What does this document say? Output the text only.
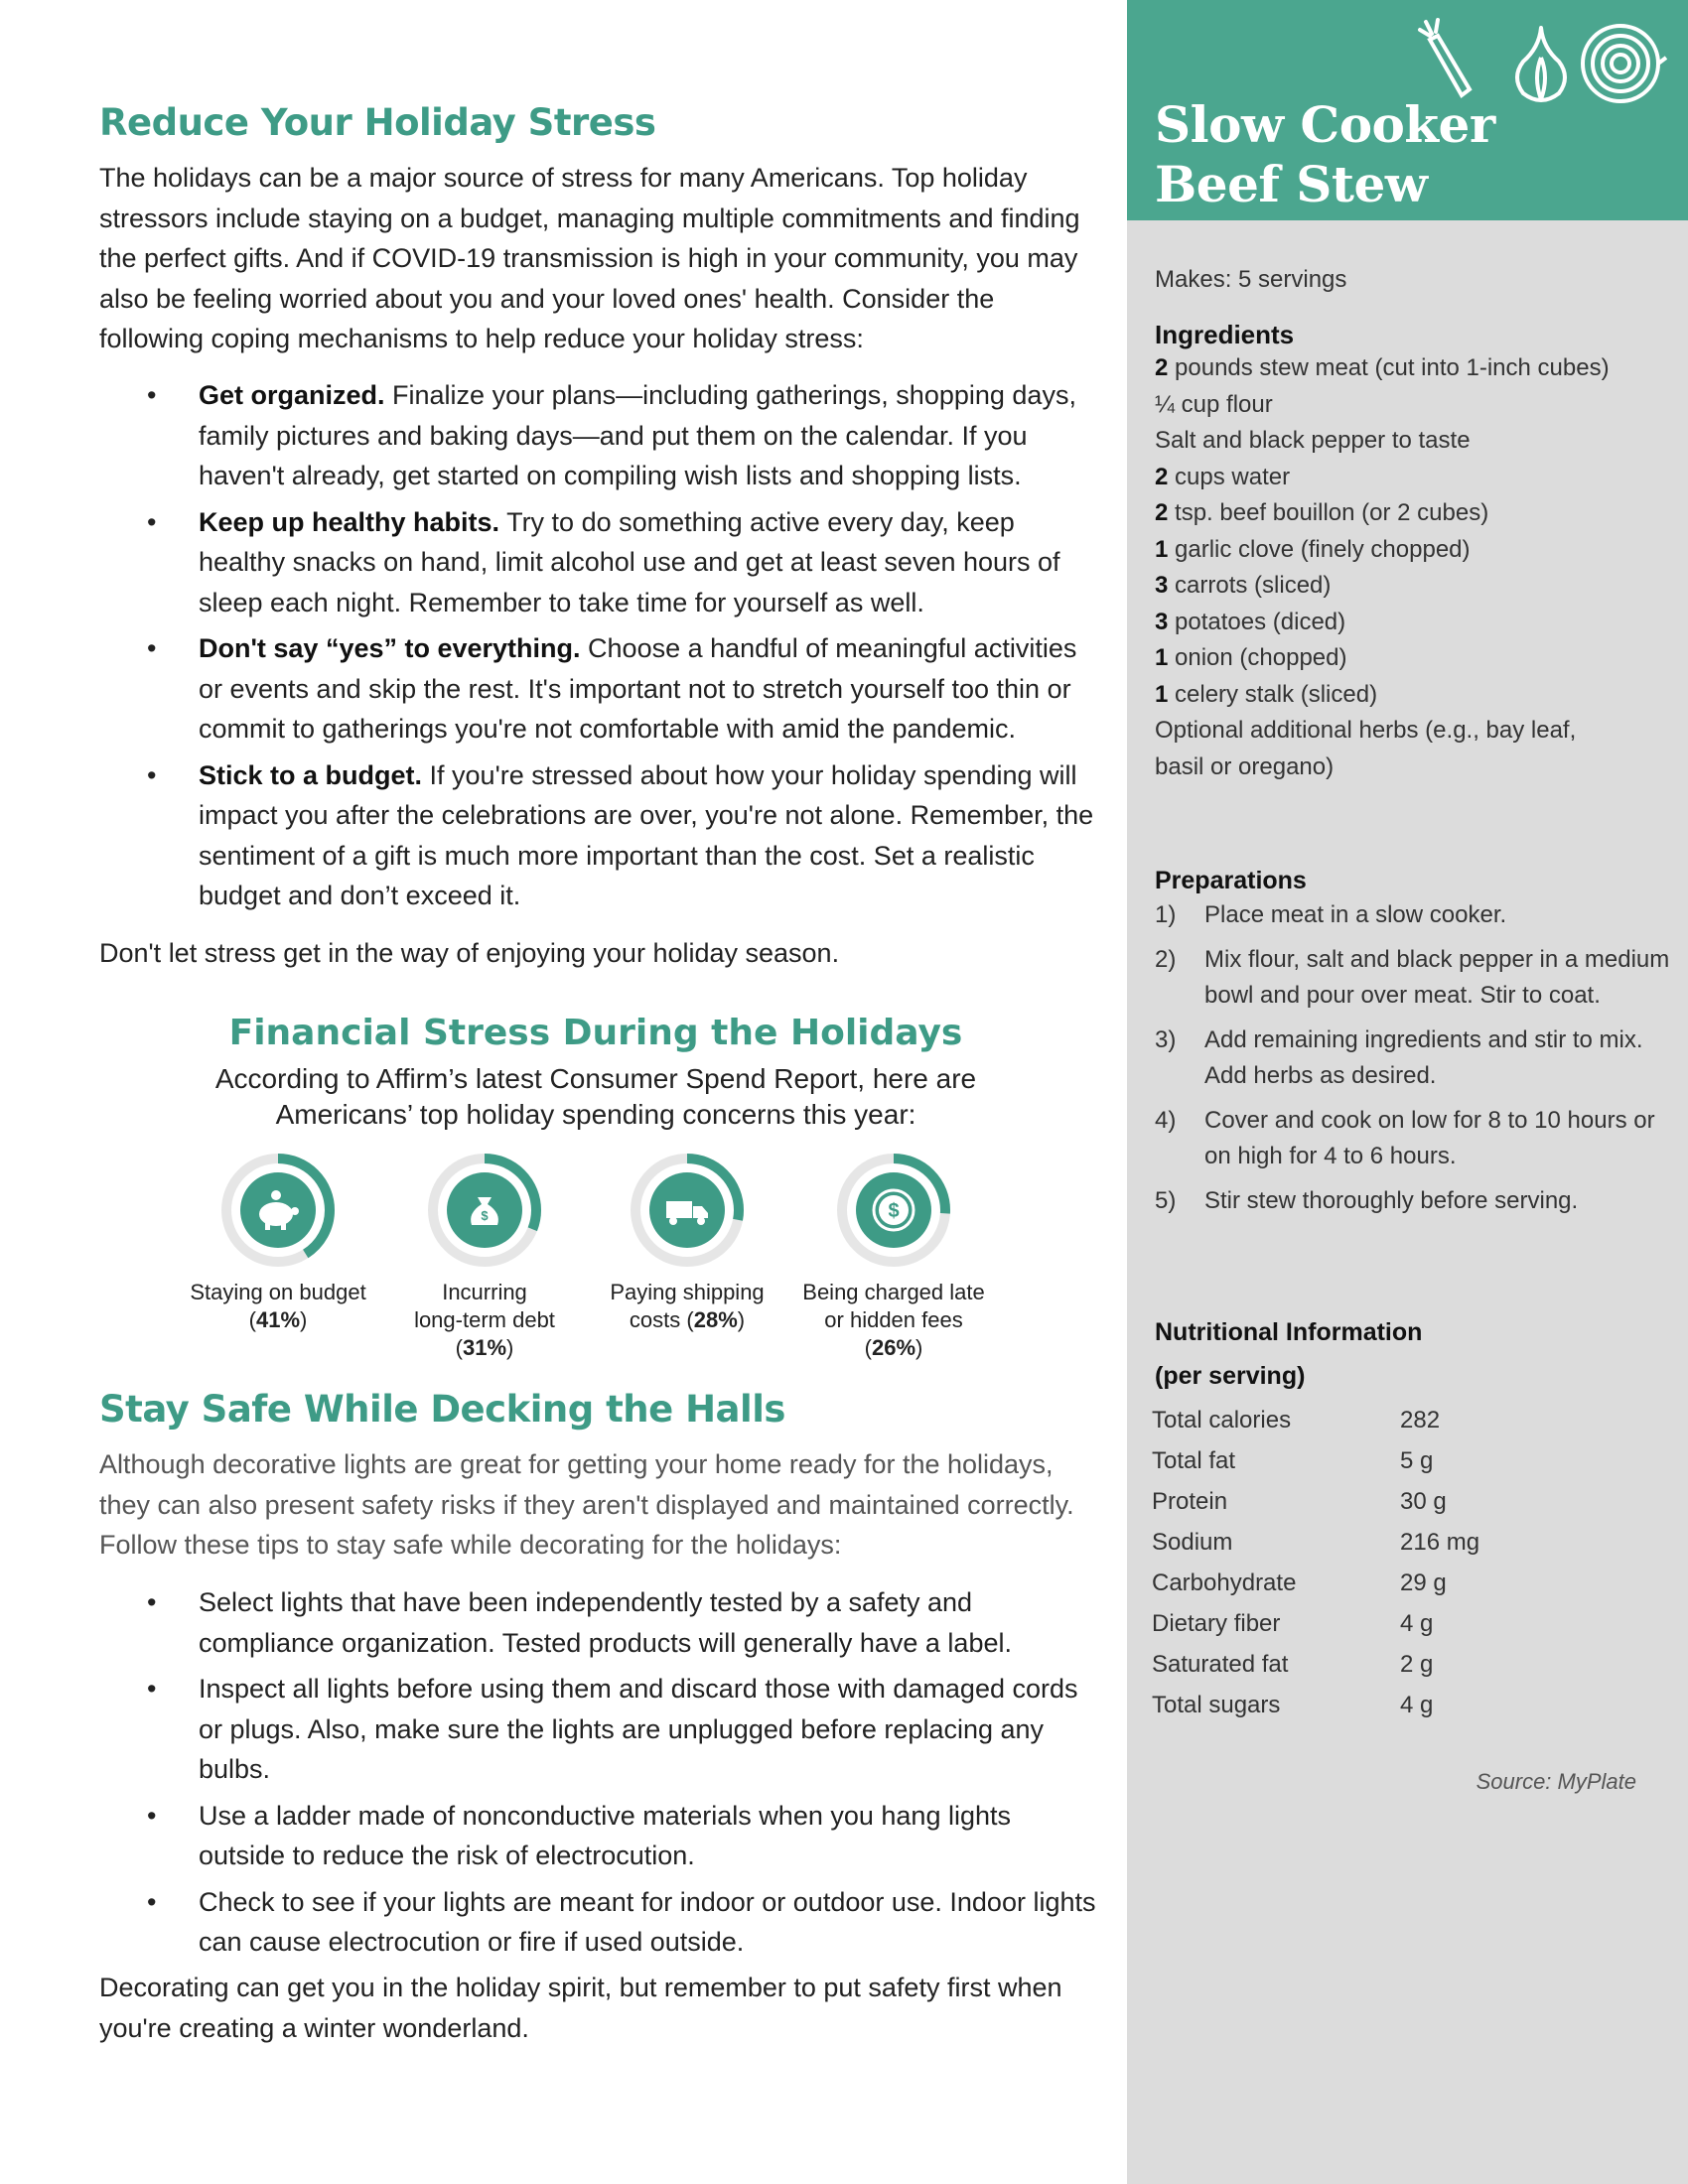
Reduce Your Holiday Stress

The holidays can be a major source of stress for many Americans. Top holiday stressors include staying on a budget, managing multiple commitments and finding the perfect gifts. And if COVID-19 transmission is high in your community, you may also be feeling worried about you and your loved ones' health. Consider the following coping mechanisms to help reduce your holiday stress:

• Get organized. Finalize your plans—including gatherings, shopping days, family pictures and baking days—and put them on the calendar. If you haven't already, get started on compiling wish lists and shopping lists.
• Keep up healthy habits. Try to do something active every day, keep healthy snacks on hand, limit alcohol use and get at least seven hours of sleep each night. Remember to take time for yourself as well.
• Don't say “yes” to everything. Choose a handful of meaningful activities or events and skip the rest. It's important not to stretch yourself too thin or commit to gatherings you're not comfortable with amid the pandemic.
• Stick to a budget. If you're stressed about how your holiday spending will impact you after the celebrations are over, you're not alone. Remember, the sentiment of a gift is much more important than the cost. Set a realistic budget and don’t exceed it.

Don't let stress get in the way of enjoying your holiday season.

Financial Stress During the Holidays
According to Affirm’s latest Consumer Spend Report, here are
Americans’ top holiday spending concerns this year:
Staying on budget
(41%)
$
Incurring
long-term debt
(31%)
Paying shipping
costs (28%)
$
Being charged late
or hidden fees
(26%)
Stay Safe While Decking the Halls

Although decorative lights are great for getting your home ready for the holidays, they can also present safety risks if they aren't displayed and maintained correctly. Follow these tips to stay safe while decorating for the holidays:

• Select lights that have been independently tested by a safety and compliance organization. Tested products will generally have a label.
• Inspect all lights before using them and discard those with damaged cords or plugs. Also, make sure the lights are unplugged before replacing any bulbs.
• Use a ladder made of nonconductive materials when you hang lights outside to reduce the risk of electrocution.
• Check to see if your lights are meant for indoor or outdoor use. Indoor lights can cause electrocution or fire if used outside.

Decorating can get you in the holiday spirit, but remember to put safety first when you're creating a winter wonderland.

Slow Cooker
Beef Stew
Makes: 5 servings
Ingredients
2 pounds stew meat (cut into 1-inch cubes)
¼ cup flour
Salt and black pepper to taste
2 cups water
2 tsp. beef bouillon (or 2 cubes)
1 garlic clove (finely chopped)
3 carrots (sliced)
3 potatoes (diced)
1 onion (chopped)
1 celery stalk (sliced)
Optional additional herbs (e.g., bay leaf,
basil or oregano)
Preparations
1) Place meat in a slow cooker.
2) Mix flour, salt and black pepper in a medium bowl and pour over meat. Stir to coat.
3) Add remaining ingredients and stir to mix. Add herbs as desired.
4) Cover and cook on low for 8 to 10 hours or on high for 4 to 6 hours.
5) Stir stew thoroughly before serving.
Nutritional Information
(per serving)
Total calories	282
Total fat	5 g
Protein	30 g
Sodium	216 mg
Carbohydrate	29 g
Dietary fiber	4 g
Saturated fat	2 g
Total sugars	4 g
Source: MyPlate
